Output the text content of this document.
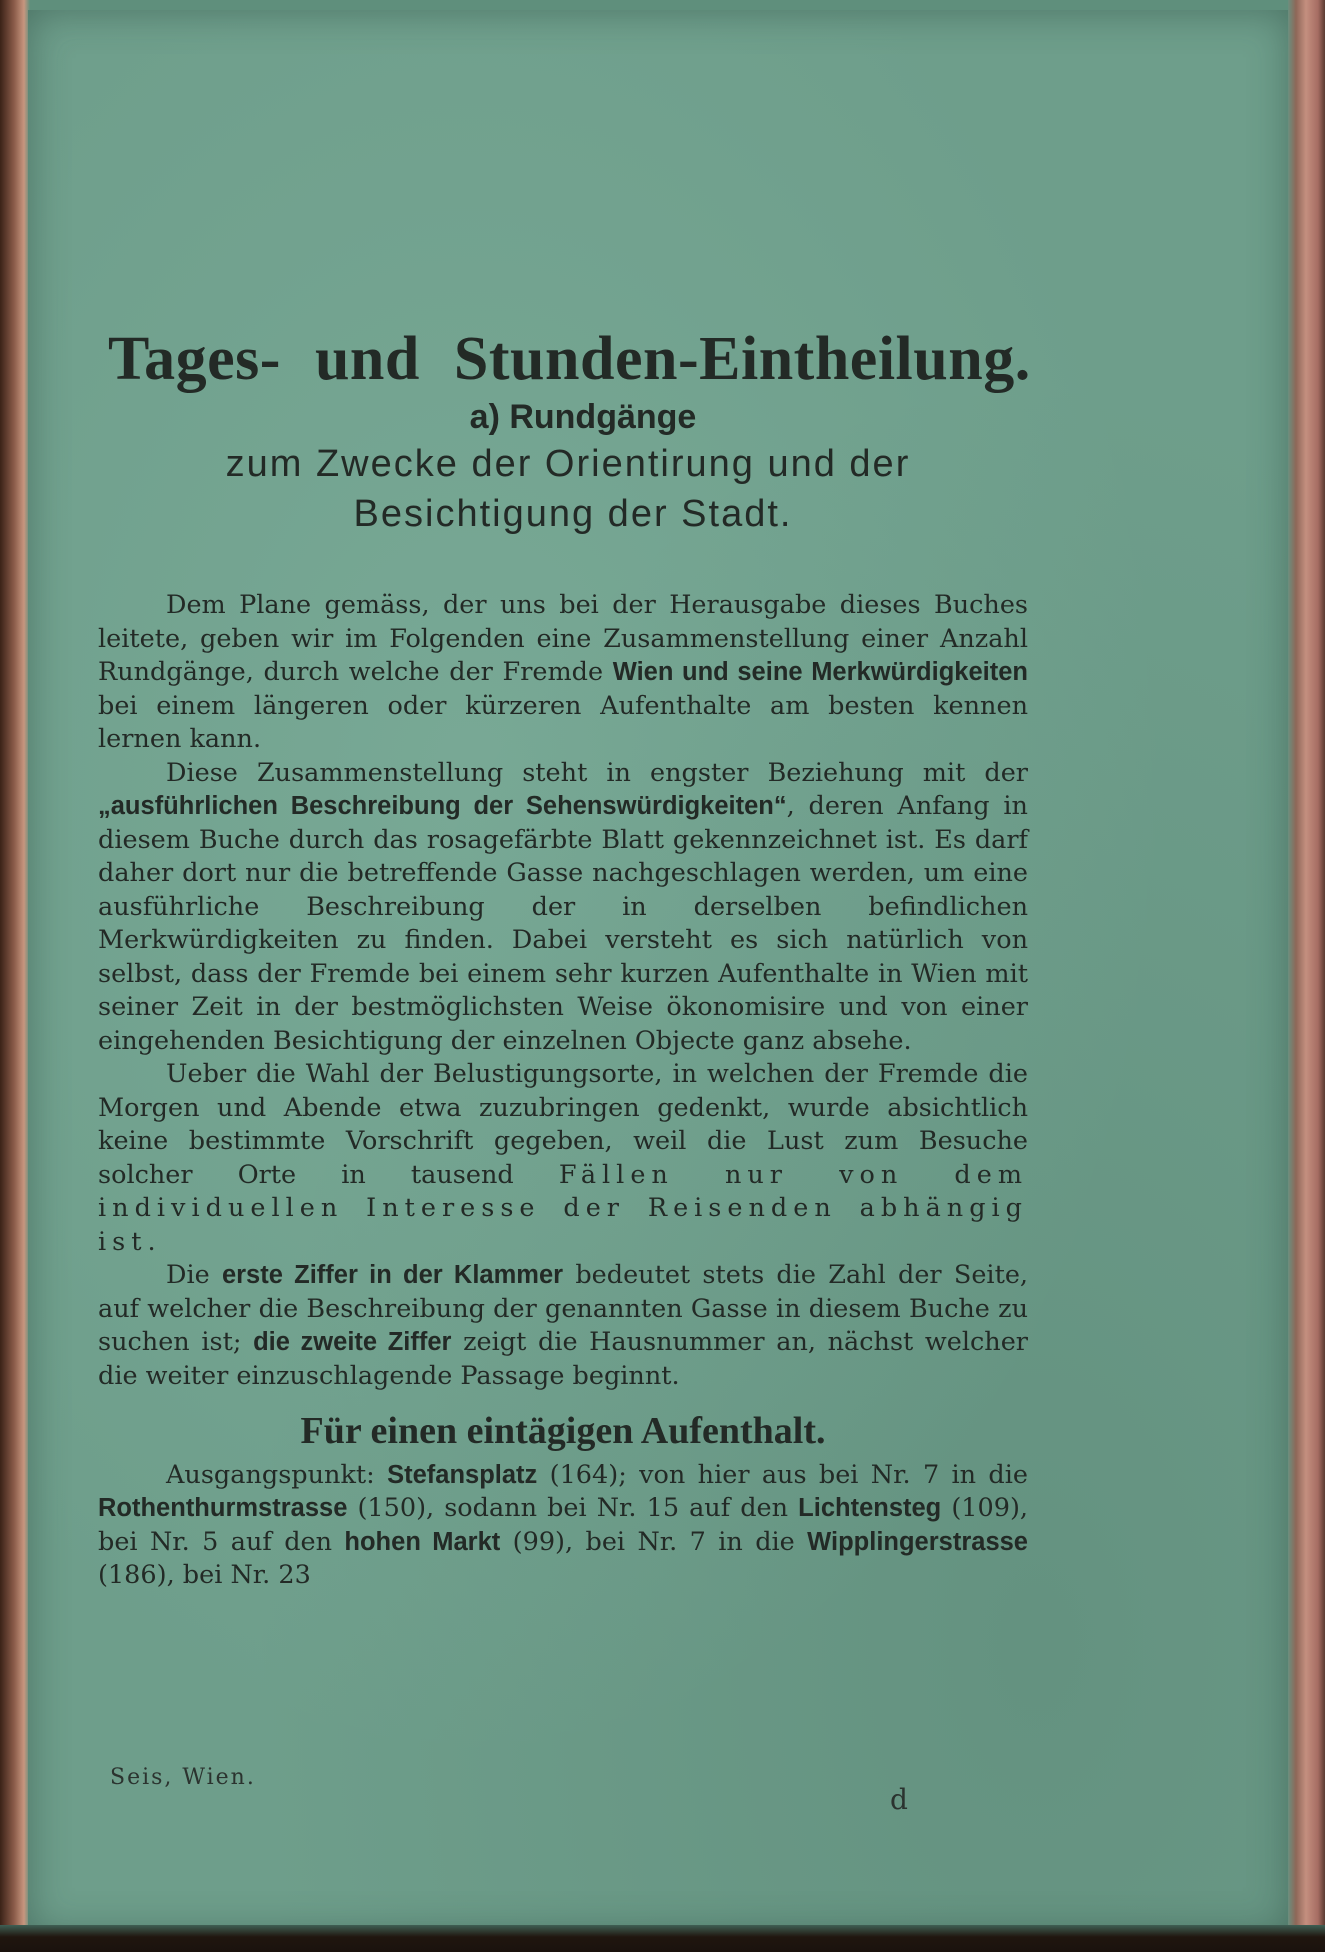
Tages- und Stunden-Eintheilung.
a) Rundgänge
zum Zwecke der Orientirung und der
Besichtigung der Stadt.

Dem Plane gemäss, der uns bei der Herausgabe dieses Buches leitete, geben wir im Folgenden eine Zusammenstellung einer Anzahl Rundgänge, durch welche der Fremde Wien und seine Merkwürdigkeiten bei einem längeren oder kürzeren Aufenthalte am besten kennen lernen kann.

Diese Zusammenstellung steht in engster Beziehung mit der „ausführlichen Beschreibung der Sehenswürdigkeiten“, deren Anfang in diesem Buche durch das rosagefärbte Blatt gekennzeichnet ist. Es darf daher dort nur die betreffende Gasse nachgeschlagen werden, um eine ausführliche Beschreibung der in derselben befindlichen Merkwürdigkeiten zu finden. Dabei versteht es sich natürlich von selbst, dass der Fremde bei einem sehr kurzen Aufenthalte in Wien mit seiner Zeit in der bestmöglichsten Weise ökonomisire und von einer eingehenden Besichtigung der einzelnen Objecte ganz absehe.

Ueber die Wahl der Belustigungsorte, in welchen der Fremde die Morgen und Abende etwa zuzubringen gedenkt, wurde absichtlich keine bestimmte Vorschrift gegeben, weil die Lust zum Besuche solcher Orte in tausend Fällen nur von dem individuellen Interesse der Reisenden abhängig ist.

Die erste Ziffer in der Klammer bedeutet stets die Zahl der Seite, auf welcher die Beschreibung der genannten Gasse in diesem Buche zu suchen ist; die zweite Ziffer zeigt die Hausnummer an, nächst welcher die weiter einzuschlagende Passage beginnt.

Für einen eintägigen Aufenthalt.

Ausgangspunkt: Stefansplatz (164); von hier aus bei Nr. 7 in die Rothenthurmstrasse (150), sodann bei Nr. 15 auf den Lichtensteg (109), bei Nr. 5 auf den hohen Markt (99), bei Nr. 7 in die Wipplingerstrasse (186), bei Nr. 23

Seis, Wien.
d
